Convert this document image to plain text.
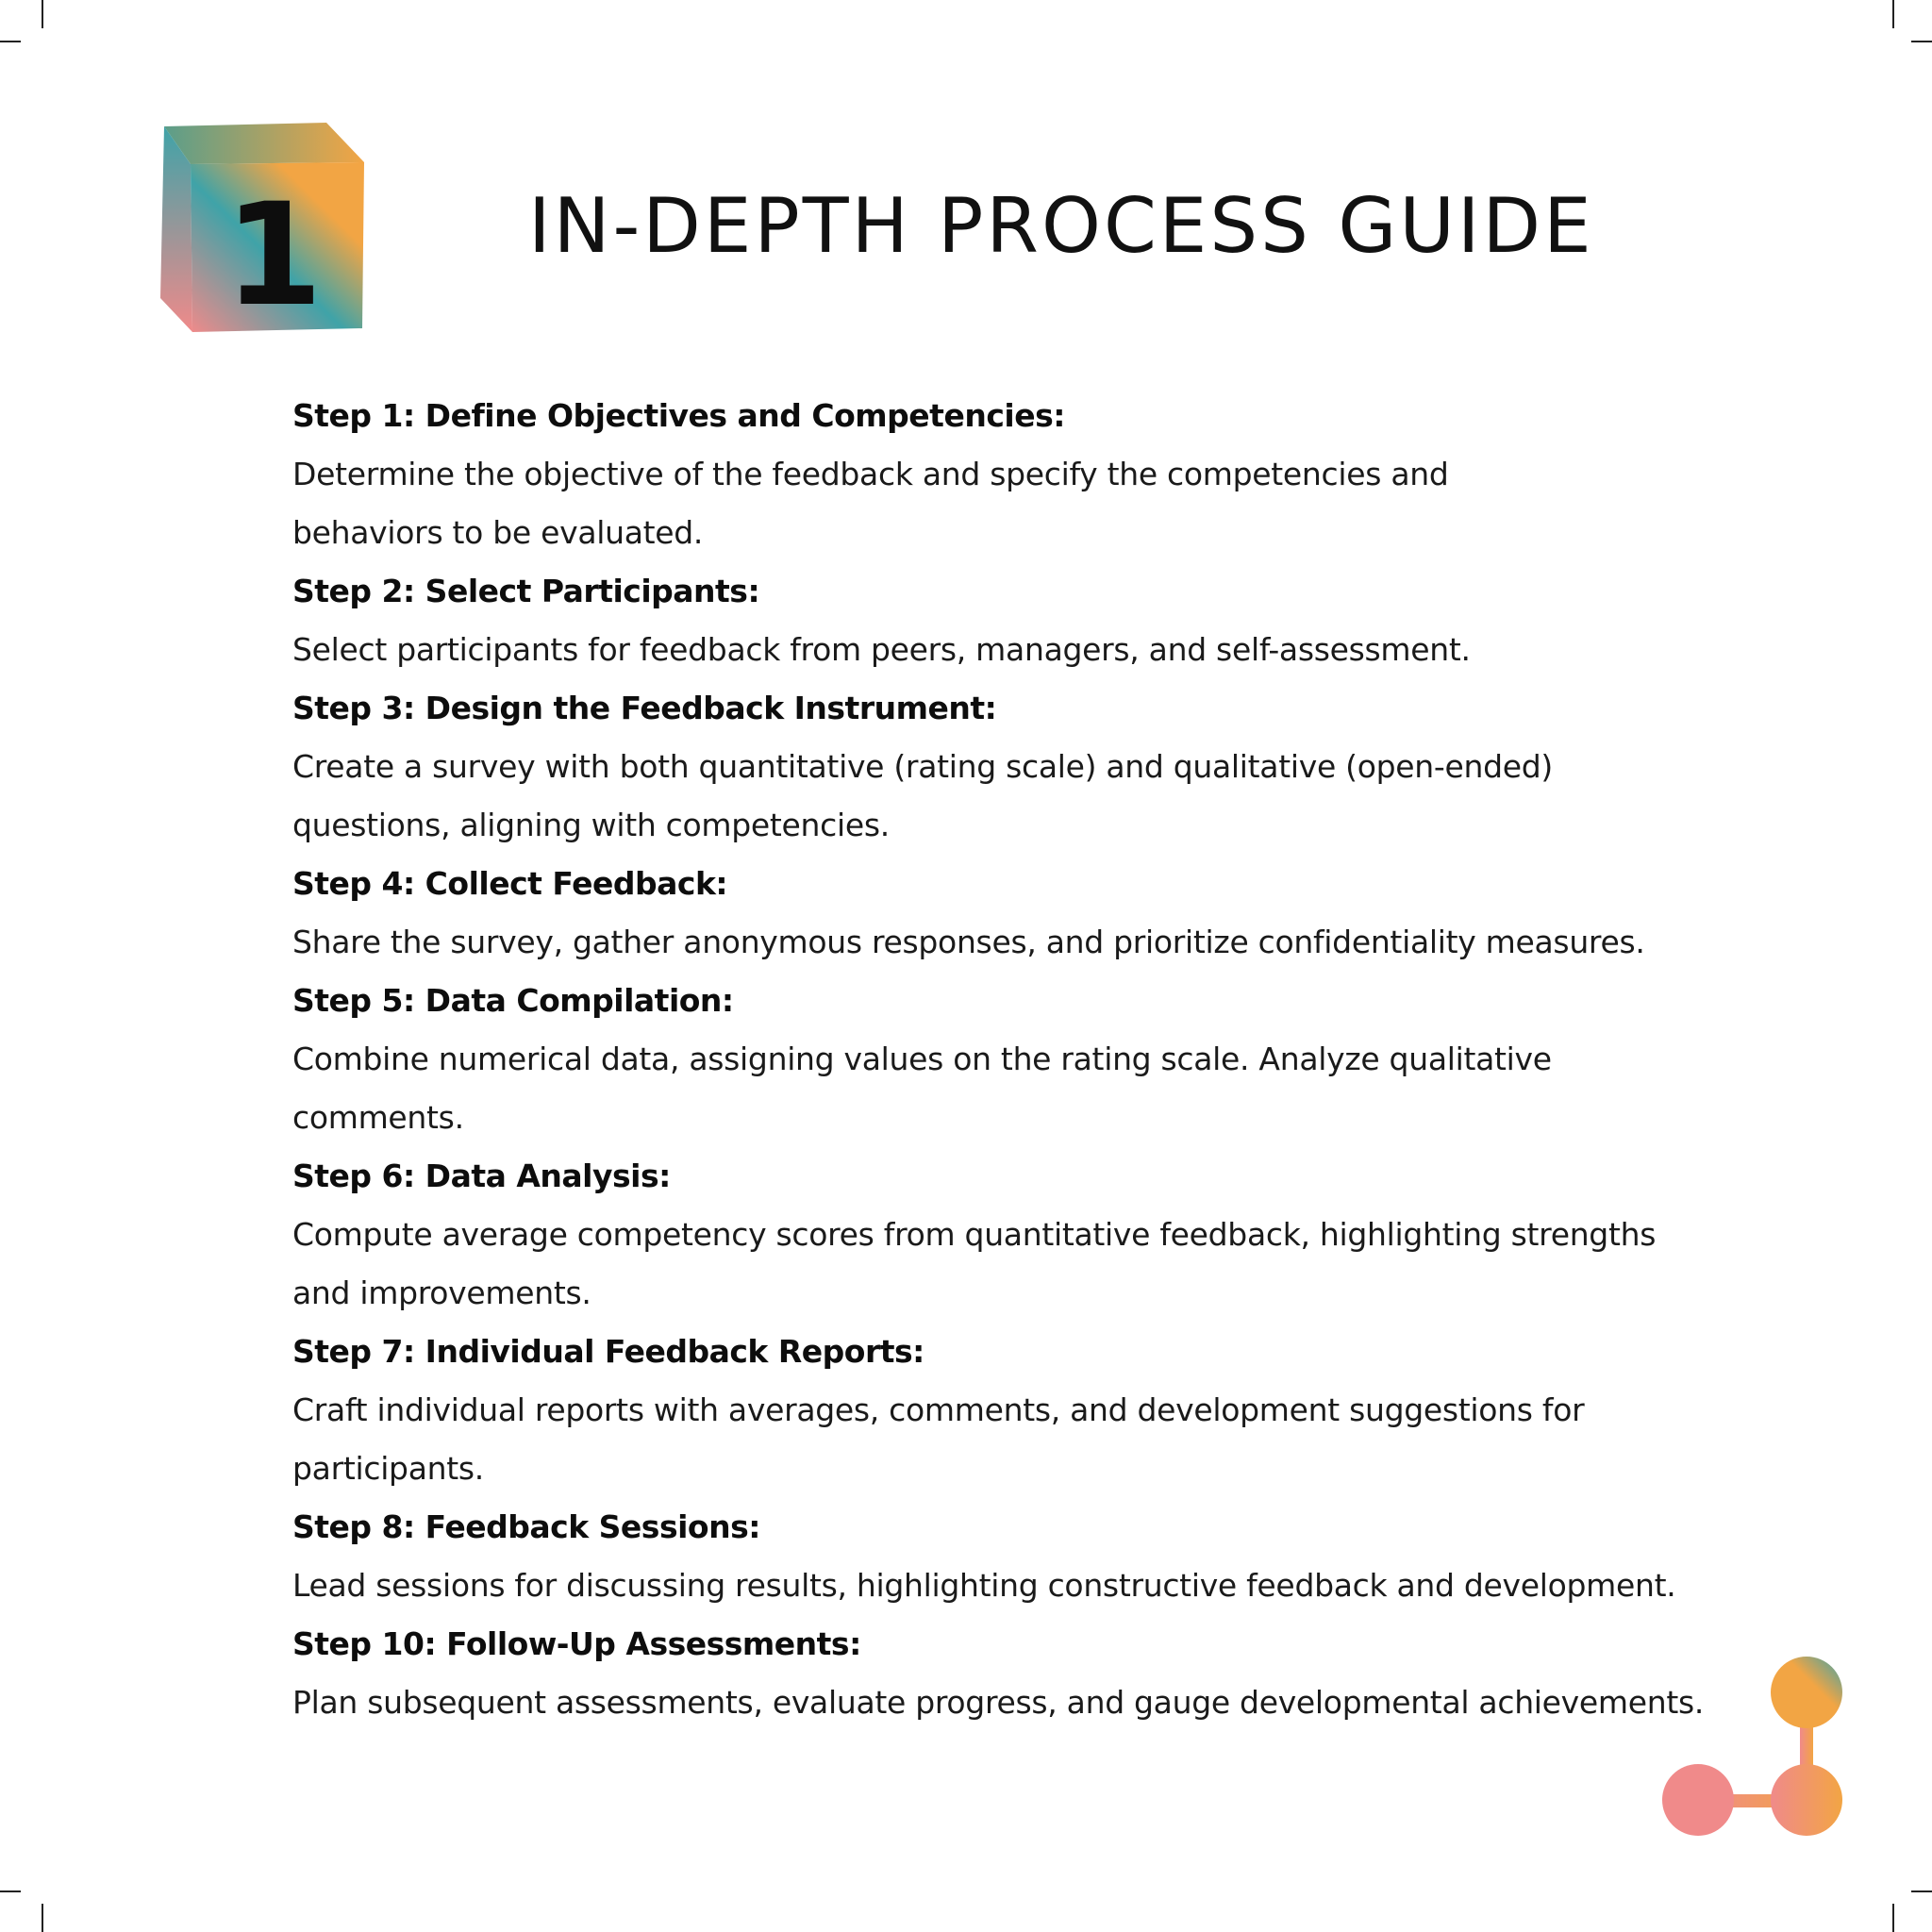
1	IN-DEPTH PROCESS GUIDE
Step 1: Define Objectives and Competencies:
Determine the objective of the feedback and specify the competencies and behaviors to be evaluated.
Step 2: Select Participants:
Select participants for feedback from peers, managers, and self-assessment.
Step 3: Design the Feedback Instrument:
Create a survey with both quantitative (rating scale) and qualitative (open-ended) questions, aligning with competencies.
Step 4: Collect Feedback:
Share the survey, gather anonymous responses, and prioritize confidentiality measures.
Step 5: Data Compilation:
Combine numerical data, assigning values on the rating scale. Analyze qualitative comments.
Step 6: Data Analysis:
Compute average competency scores from quantitative feedback, highlighting strengths and improvements.
Step 7: Individual Feedback Reports:
Craft individual reports with averages, comments, and development suggestions for participants.
Step 8: Feedback Sessions:
Lead sessions for discussing results, highlighting constructive feedback and development.
Step 10: Follow-Up Assessments:
Plan subsequent assessments, evaluate progress, and gauge developmental achievements.
